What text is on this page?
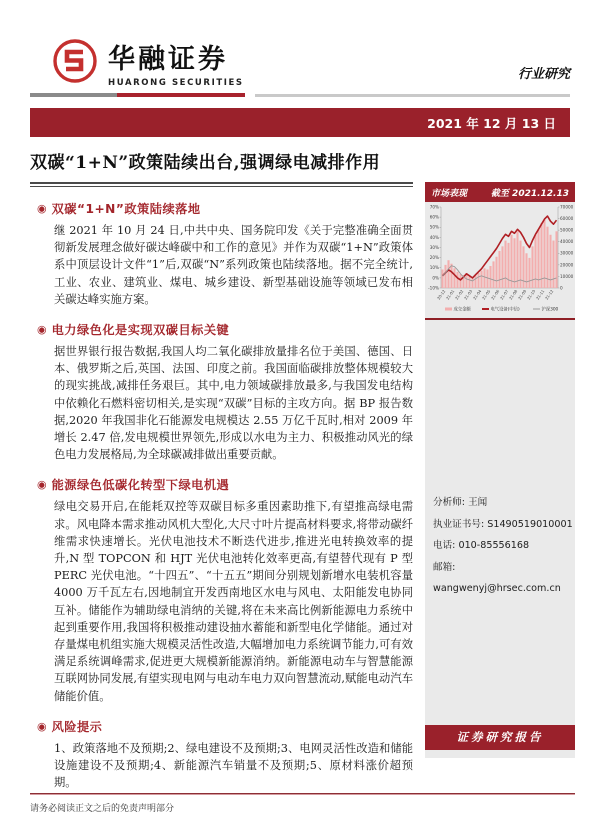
华融证券
HUARONG SECURITIES
行业研究
2021 年 12 月 13 日
双碳“1+N”政策陆续出台,强调绿电减排作用
◉ 双碳“1+N”政策陆续落地
继 2021 年 10 月 24 日,中共中央、国务院印发《关于完整准确全面贯彻新发展理念做好碳达峰碳中和工作的意见》并作为双碳“1+N”政策体系中顶层设计文件“1”后,双碳“N”系列政策也陆续落地。据不完全统计,工业、农业、建筑业、煤电、城乡建设、新型基础设施等领域已发布相关碳达峰实施方案。
◉ 电力绿色化是实现双碳目标关键
据世界银行报告数据,我国人均二氧化碳排放量排名位于美国、德国、日本、俄罗斯之后,英国、法国、印度之前。我国面临碳排放整体规模较大的现实挑战,减排任务艰巨。其中,电力领域碳排放最多,与我国发电结构中依赖化石燃料密切相关,是实现“双碳”目标的主攻方向。据 BP 报告数据,2020 年我国非化石能源发电规模达 2.55 万亿千瓦时,相对 2009 年增长 2.47 倍,发电规模世界领先,形成以水电为主力、积极推动风光的绿色电力发展格局,为全球碳减排做出重要贡献。
◉ 能源绿色低碳化转型下绿电机遇
绿电交易开启,在能耗双控等双碳目标多重因素助推下,有望推高绿电需求。风电降本需求推动风机大型化,大尺寸叶片提高材料要求,将带动碳纤维需求快速增长。光伏电池技术不断迭代进步,推进光电转换效率的提升,N 型 TOPCON 和 HJT 光伏电池转化效率更高,有望替代现有 P 型 PERC 光伏电池。“十四五”、“十五五”期间分别规划新增水电装机容量 4000 万千瓦左右,因地制宜开发西南地区水电与风电、太阳能发电协同互补。储能作为辅助绿电消纳的关键,将在未来高比例新能源电力系统中起到重要作用,我国将积极推动建设抽水蓄能和新型电化学储能。通过对存量煤电机组实施大规模灵活性改造,大幅增加电力系统调节能力,可有效满足系统调峰需求,促进更大规模新能源消纳。新能源电动车与智慧能源互联网协同发展,有望实现电网与电动车电力双向智慧流动,赋能电动汽车储能价值。
◉ 风险提示
1、政策落地不及预期;2、绿电建设不及预期;3、电网灵活性改造和储能设施建设不及预期;4、新能源汽车销量不及预期;5、原材料涨价超预期。
市场表现	截至 2021.12.13
70%
60%
50%
40%
30%
20%
10%
0%
-10%
70000
60000
50000
40000
30000
20000
10000
0
20-12
21-01
21-02
21-03
21-04
21-05
21-06
21-07
21-08
21-09
21-10
21-11
21-12
成交金额	电气设备(中信)	沪深300
分析师: 王闻
执业证书号: S1490519010001
电话: 010-85556168
邮箱:
wangwenyj@hrsec.com.cn
证券研究报告
请务必阅读正文之后的免责声明部分
